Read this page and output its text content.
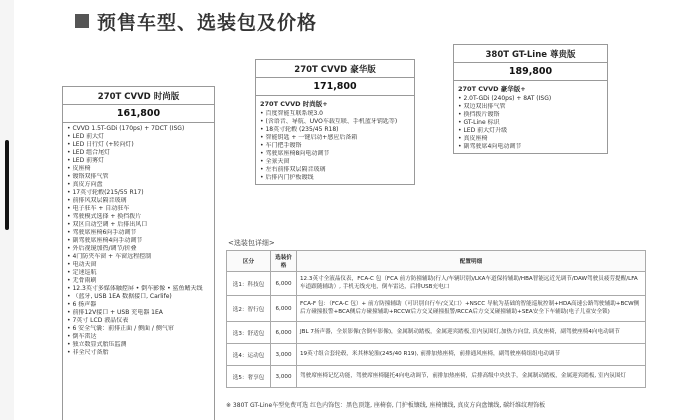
预售车型、选装包及价格
270T CVVD 时尚版
161,800
• CVVD 1.5T-GDi (170ps) + 7DCT (ISG)
• LED 前大灯
• LED 日行灯 (+转向灯)
• LED 组合尾灯
• LED 前雾灯
• 皮座椅
• 镀铬双排气管
• 真皮方向盘
• 17英寸轮毂(215/55 R17)
• 前排风双层隔音玻璃
• 电子驻车 + 自动驻车
• 驾驶模式选择 + 换挡拨片
• 双区自动空调 + 后排出风口
• 驾驶席座椅6向手动调节
• 副驾驶席座椅4向手动调节
• 外后视镜加热/调节/折叠
• 4门防夹车窗 + 车窗远程控制
• 电动天窗
• 定速巡航
• 无骨雨刷
• 12.3英寸多媒体触控屏 • 倒车影像 • 鲨鱼鳍天线
• （蓝牙, USB 1EA 数据接口, Carlife)
• 6 扬声器
• 前排12V接口 + USB 充电器 1EA
• 7英寸 LCD 液晶仪表
• 6 安全气囊：前排正面 / 侧面 / 侧气帘
• 倒车雷达
• 独立数显式胎压监测
• 非全尺寸备胎
270T CVVD 豪华版
171,800
270T CVVD 时尚版+
• 百度智能互联系统3.0
• (含语音、导航、UVO车载互联、手机蓝牙钥匙等)
• 18英寸轮毂 (235/45 R18)
• 智能钥匙 + 一键启动+感应后备箱
• 车门把手镀铬
• 驾驶席座椅8向电动调节
• 全景天窗
• 左右前排双层隔音玻璃
• 后排内门护板镀线
380T GT-Line 尊贵版
189,800
270T CVVD 豪华版+
• 2.0T-GDi (240ps) + 8AT (ISG)
• 双边双出排气管
• 换挡拨片镀铬
• GT-Line 标识
• LED 前大灯升级
• 真皮座椅
• 副驾驶席4向电动调节
<选装包详细>
区分	选装价格	配置明细
选1：科技包	6,000	12.3英寸全液晶仪表，FCA-C 包（FCA 前方防撞辅助(行人/车辆识别)/LKA车道保持辅助/HBA智能远近光调节/DAW驾驶员疲劳提醒/LFA车道跟随辅助）, 手机无线充电，倒车雷达，后排USB充电口
选2：智行包	6,000	FCA-F 包：（FCA-C 包）+ 前方防撞辅助（可识别自行车/交叉口）+NSCC 导航为基础的智能巡航控制+HDA高速公路驾驶辅助+BCW侧后方碰撞报警+BCA侧后方碰撞辅助+RCCW后方交叉碰撞报警/RCCA后方交叉碰撞辅助+SEA安全下车辅助(电子儿童安全锁)
选3：舒适包	6,000	JBL 7扬声器，全景影像(含倒车影像)，金属制动踏板，金属迎宾踏板,室内氛围灯,加热方向盘, 真皮座椅，副驾驶座椅4向电动调节
选4：运动包	3,000	19英寸组合套轮毂，米其林轮胎(245/40 R19), 前排加热座椅，前排通风座椅，副驾驶座椅组组电动调节
选5：奢享包	3,000	驾驶席座椅记忆功能，驾驶席座椅腿托4向电动调节，前排加热座椅，后排高级中央扶手，金属制动踏板，金属迎宾踏板, 室内氛围灯
※ 380T GT-Line车型免费可选 红色内饰包：黑色顶篷, 座椅套, 门护板镶线, 座椅镶线, 真皮方向盘镶线, 碳纤维纹理饰板
